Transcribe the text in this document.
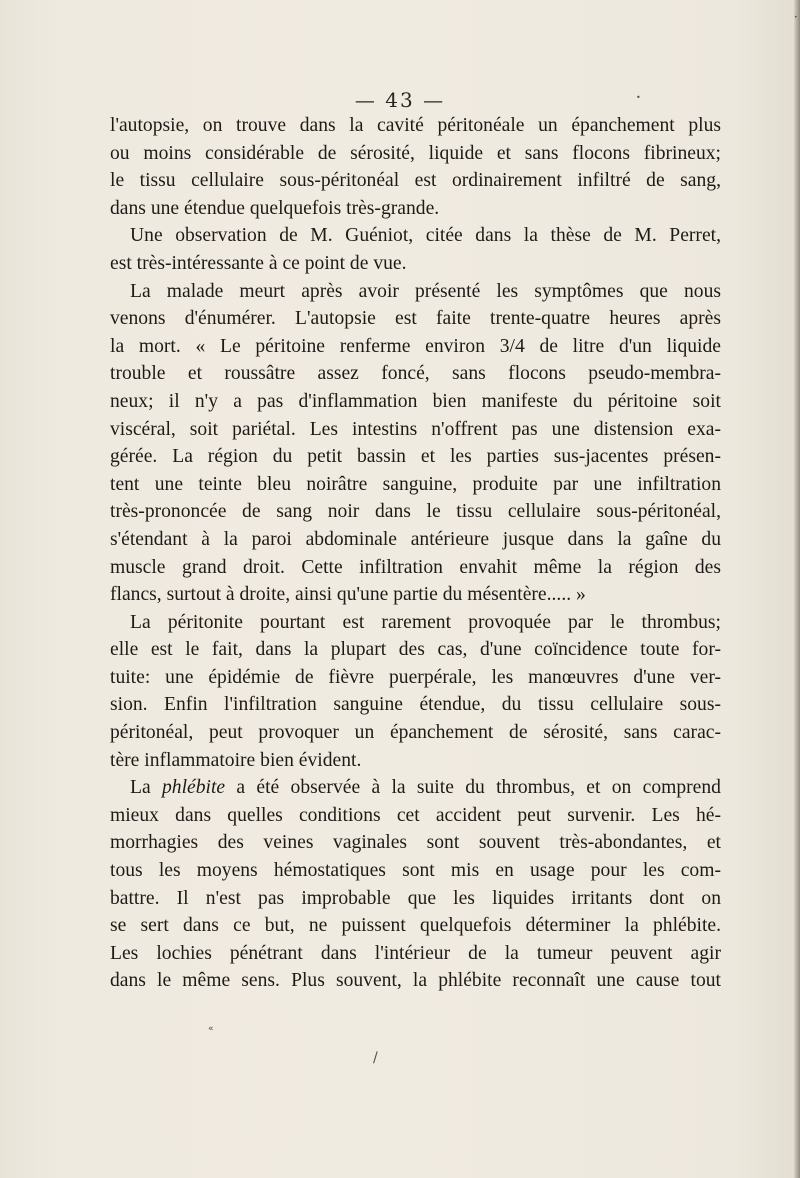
— 43 —
l'autopsie, on trouve dans la cavité péritonéale un épanchement plus
ou moins considérable de sérosité, liquide et sans flocons fibrineux;
le tissu cellulaire sous-péritonéal est ordinairement infiltré de sang,
dans une étendue quelquefois très-grande.
Une observation de M. Guéniot, citée dans la thèse de M. Perret,
est très-intéressante à ce point de vue.
La malade meurt après avoir présenté les symptômes que nous
venons d'énumérer. L'autopsie est faite trente-quatre heures après
la mort. « Le péritoine renferme environ 3/4 de litre d'un liquide
trouble et roussâtre assez foncé, sans flocons pseudo-membra-
neux; il n'y a pas d'inflammation bien manifeste du péritoine soit
viscéral, soit pariétal. Les intestins n'offrent pas une distension exa-
gérée. La région du petit bassin et les parties sus-jacentes présen-
tent une teinte bleu noirâtre sanguine, produite par une infiltration
très-prononcée de sang noir dans le tissu cellulaire sous-péritonéal,
s'étendant à la paroi abdominale antérieure jusque dans la gaîne du
muscle grand droit. Cette infiltration envahit même la région des
flancs, surtout à droite, ainsi qu'une partie du mésentère..... »
La péritonite pourtant est rarement provoquée par le thrombus;
elle est le fait, dans la plupart des cas, d'une coïncidence toute for-
tuite: une épidémie de fièvre puerpérale, les manœuvres d'une ver-
sion. Enfin l'infiltration sanguine étendue, du tissu cellulaire sous-
péritonéal, peut provoquer un épanchement de sérosité, sans carac-
tère inflammatoire bien évident.
La phlébite a été observée à la suite du thrombus, et on comprend
mieux dans quelles conditions cet accident peut survenir. Les hé-
morrhagies des veines vaginales sont souvent très-abondantes, et
tous les moyens hémostatiques sont mis en usage pour les com-
battre. Il n'est pas improbable que les liquides irritants dont on
se sert dans ce but, ne puissent quelquefois déterminer la phlébite.
Les lochies pénétrant dans l'intérieur de la tumeur peuvent agir
dans le même sens. Plus souvent, la phlébite reconnaît une cause tout
•
•
«
/
